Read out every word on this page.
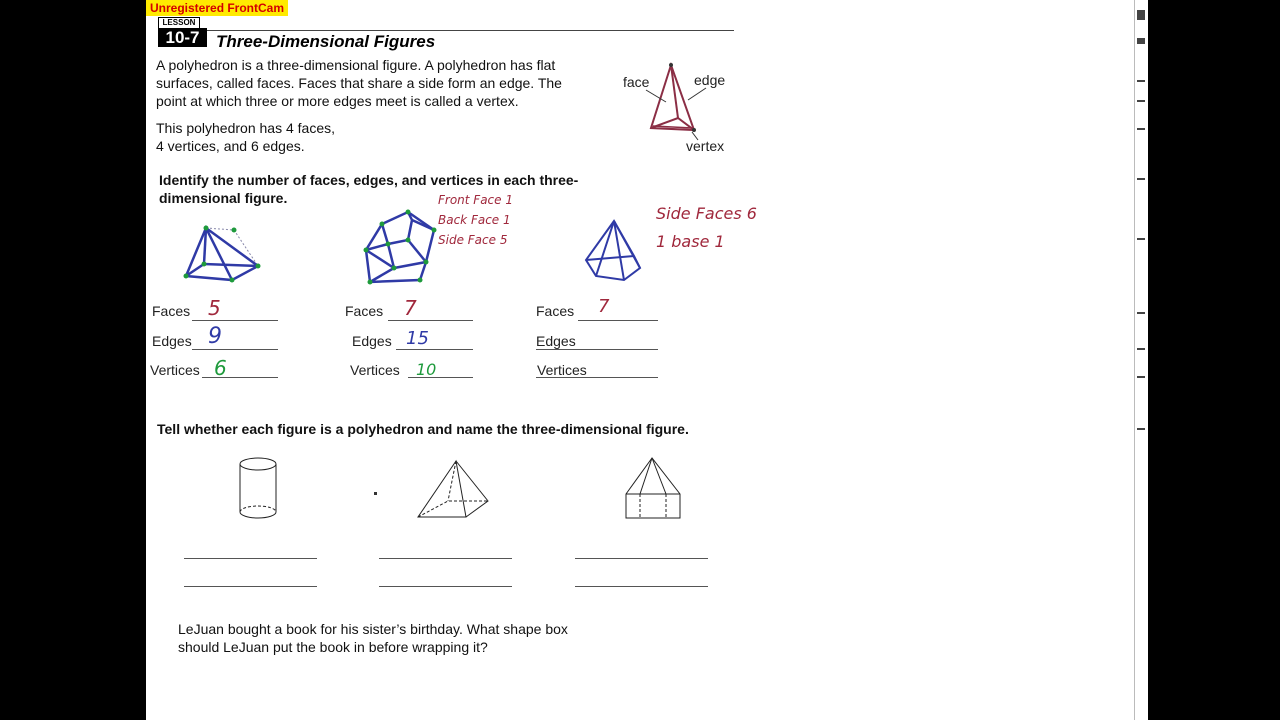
Unregistered FrontCam
LESSON
10-7 Three-Dimensional Figures
A polyhedron is a three-dimensional figure. A polyhedron has flat
surfaces, called faces. Faces that share a side form an edge. The
point at which three or more edges meet is called a vertex.
This polyhedron has 4 faces,
4 vertices, and 6 edges.
face	edge
vertex
Identify the number of faces, edges, and vertices in each three-
dimensional figure.	Front Face 1
Back Face 1
Side Face 5
Side Faces 6
1 base 1
Faces 5
Edges 9
Vertices 6
Faces 7
Edges 15
Vertices 10
Faces 7
Edges
Vertices
Tell whether each figure is a polyhedron and name the three-dimensional figure.
LeJuan bought a book for his sister’s birthday. What shape box
should LeJuan put the book in before wrapping it?
